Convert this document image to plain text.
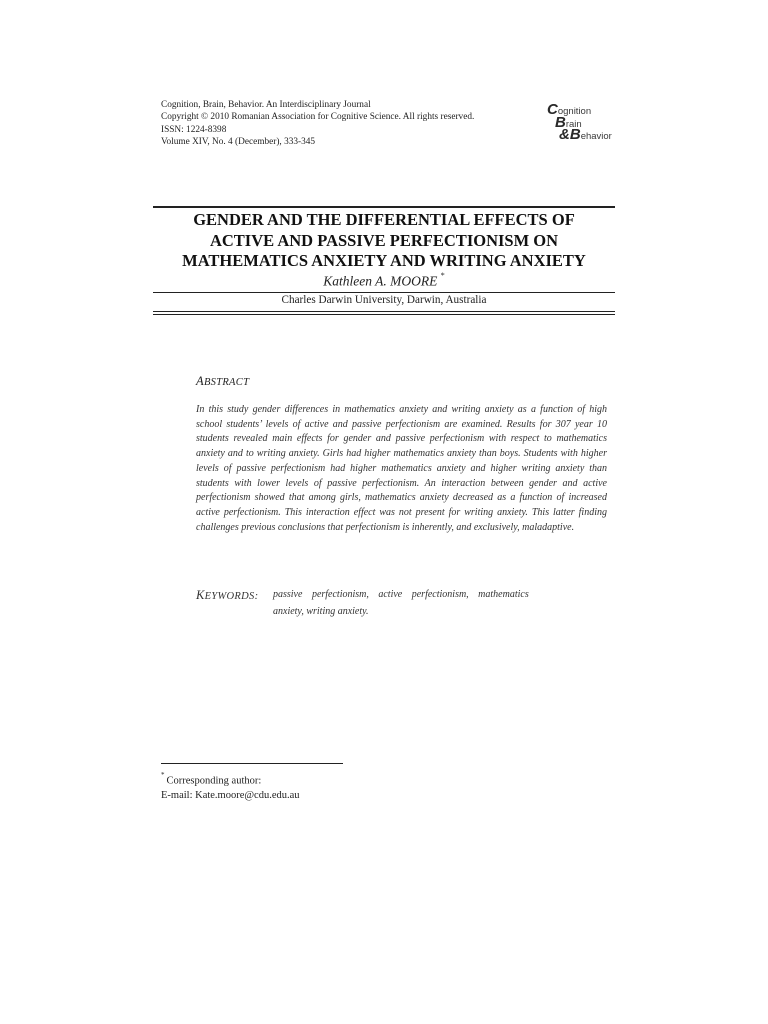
Cognition, Brain, Behavior. An Interdisciplinary Journal
Copyright © 2010 Romanian Association for Cognitive Science. All rights reserved.
ISSN: 1224-8398
Volume XIV, No. 4 (December), 333-345
Cognition
Brain
&Behavior
GENDER AND THE DIFFERENTIAL EFFECTS OF
ACTIVE AND PASSIVE PERFECTIONISM ON
MATHEMATICS ANXIETY AND WRITING ANXIETY
Kathleen A. MOORE *
Charles Darwin University, Darwin, Australia
ABSTRACT
In this study gender differences in mathematics anxiety and writing anxiety as a function of high school students’ levels of active and passive perfectionism are examined. Results for 307 year 10 students revealed main effects for gender and passive perfectionism with respect to mathematics anxiety and to writing anxiety. Girls had higher mathematics anxiety than boys. Students with higher levels of passive perfectionism had higher mathematics anxiety and higher writing anxiety than students with lower levels of passive perfectionism. An interaction between gender and active perfectionism showed that among girls, mathematics anxiety decreased as a function of increased active perfectionism. This interaction effect was not present for writing anxiety. This latter finding challenges previous conclusions that perfectionism is inherently, and exclusively, maladaptive.
KEYWORDS:	passive perfectionism, active perfectionism, mathematics
anxiety, writing anxiety.
*Corresponding author:
E-mail: Kate.moore@cdu.edu.au
